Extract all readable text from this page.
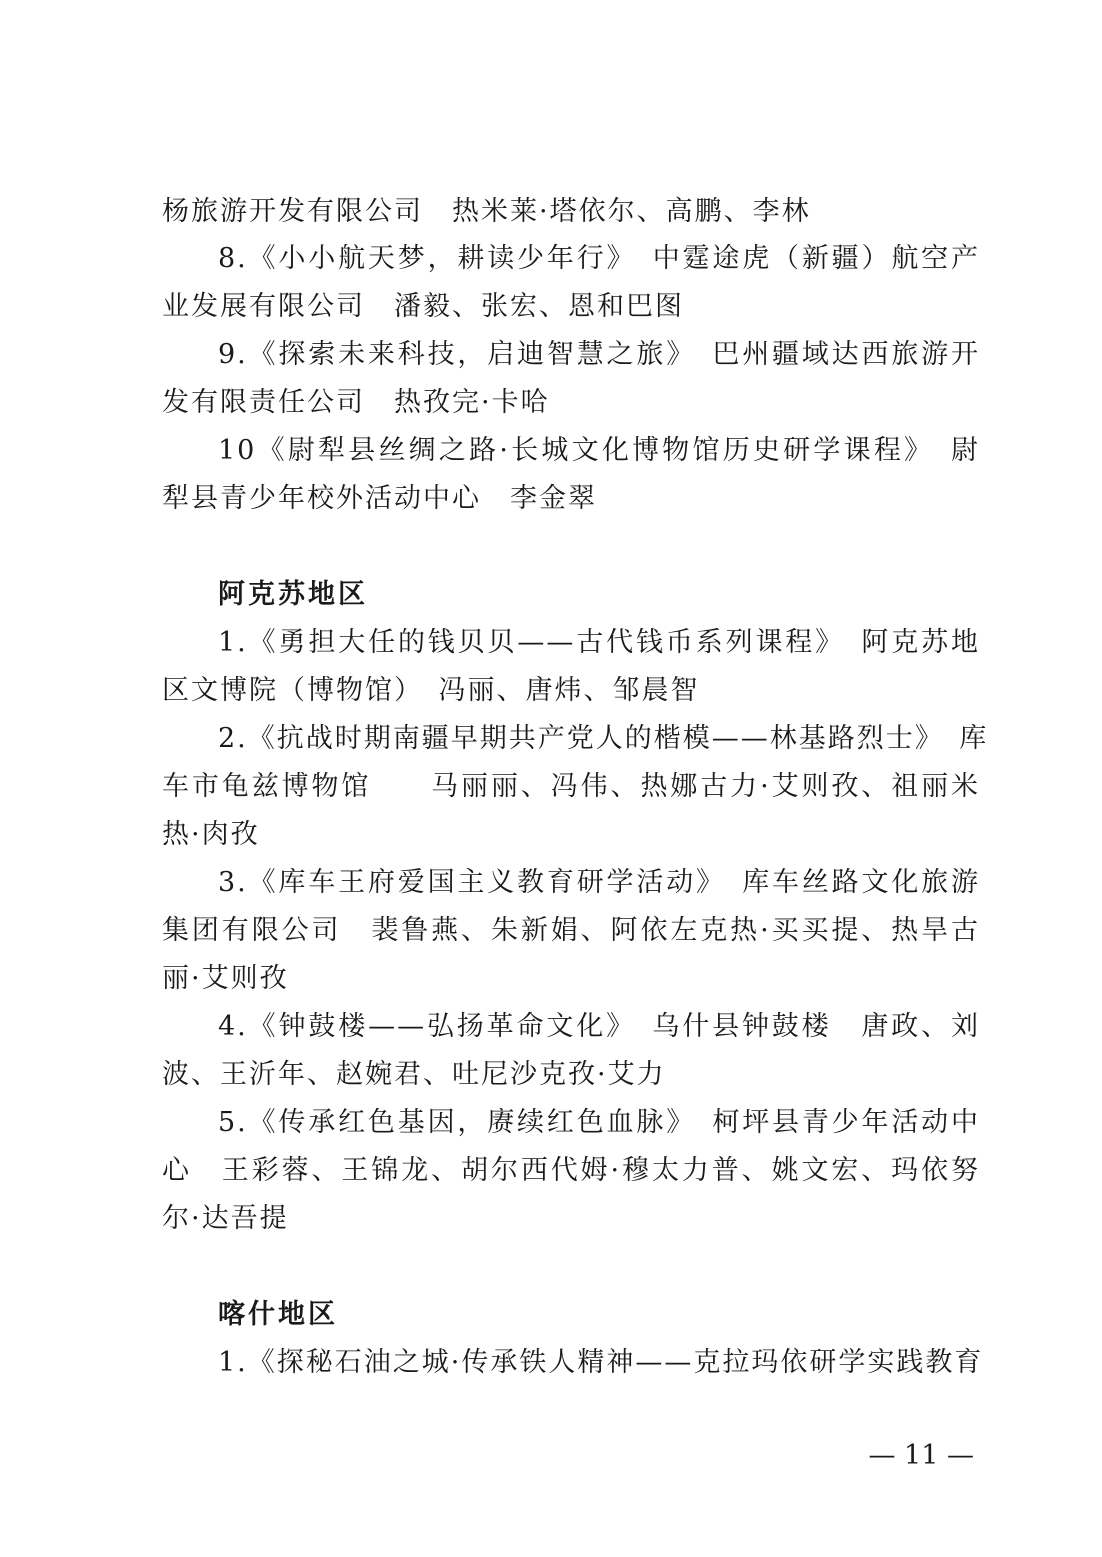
杨旅游开发有限公司　热米莱·塔依尔、高鹏、李林
8.《小小航天梦，耕读少年行》　中霆途虎（新疆）航空产
业发展有限公司　潘毅、张宏、恩和巴图
9.《探索未来科技，启迪智慧之旅》　巴州疆域达西旅游开
发有限责任公司　热孜完·卡哈
10《尉犁县丝绸之路·长城文化博物馆历史研学课程》　尉
犁县青少年校外活动中心　李金翠
阿克苏地区
1.《勇担大任的钱贝贝——古代钱币系列课程》　阿克苏地
区文博院（博物馆）　冯丽、唐炜、邹晨智
2.《抗战时期南疆早期共产党人的楷模——林基路烈士》　库
车市龟兹博物馆　　马丽丽、冯伟、热娜古力·艾则孜、祖丽米
热·肉孜
3.《库车王府爱国主义教育研学活动》　库车丝路文化旅游
集团有限公司　裴鲁燕、朱新娟、阿依左克热·买买提、热旱古
丽·艾则孜
4.《钟鼓楼——弘扬革命文化》　乌什县钟鼓楼　唐政、刘
波、王沂年、赵婉君、吐尼沙克孜·艾力
5.《传承红色基因，赓续红色血脉》　柯坪县青少年活动中
心　王彩蓉、王锦龙、胡尔西代姆·穆太力普、姚文宏、玛依努
尔·达吾提
喀什地区
1.《探秘石油之城·传承铁人精神——克拉玛依研学实践教育
— 11 —
